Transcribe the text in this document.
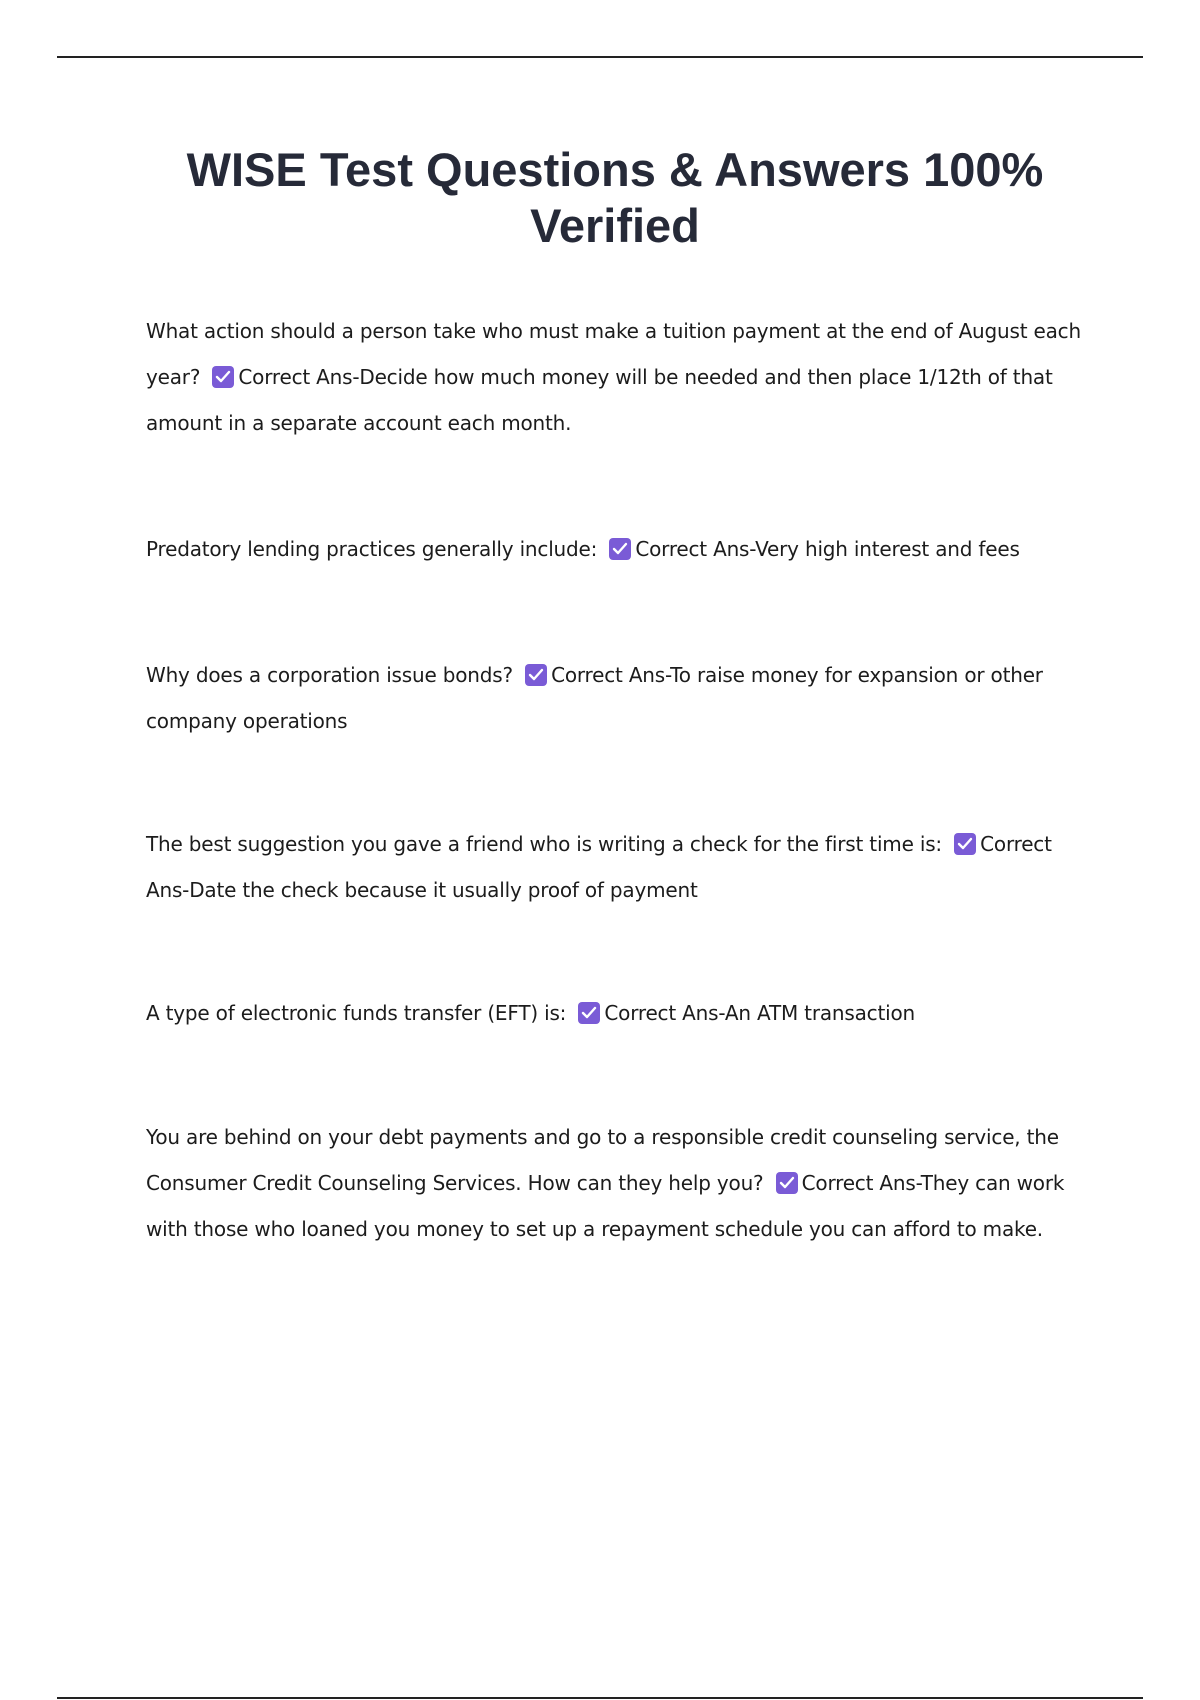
WISE Test Questions & Answers 100% Verified

What action should a person take who must make a tuition payment at the end of August each year? Correct Ans-Decide how much money will be needed and then place 1/12th of that amount in a separate account each month.

Predatory lending practices generally include: Correct Ans-Very high interest and fees

Why does a corporation issue bonds? Correct Ans-To raise money for expansion or other company operations

The best suggestion you gave a friend who is writing a check for the first time is: Correct Ans-Date the check because it usually proof of payment

A type of electronic funds transfer (EFT) is: Correct Ans-An ATM transaction

You are behind on your debt payments and go to a responsible credit counseling service, the Consumer Credit Counseling Services. How can they help you? Correct Ans-They can work with those who loaned you money to set up a repayment schedule you can afford to make.
